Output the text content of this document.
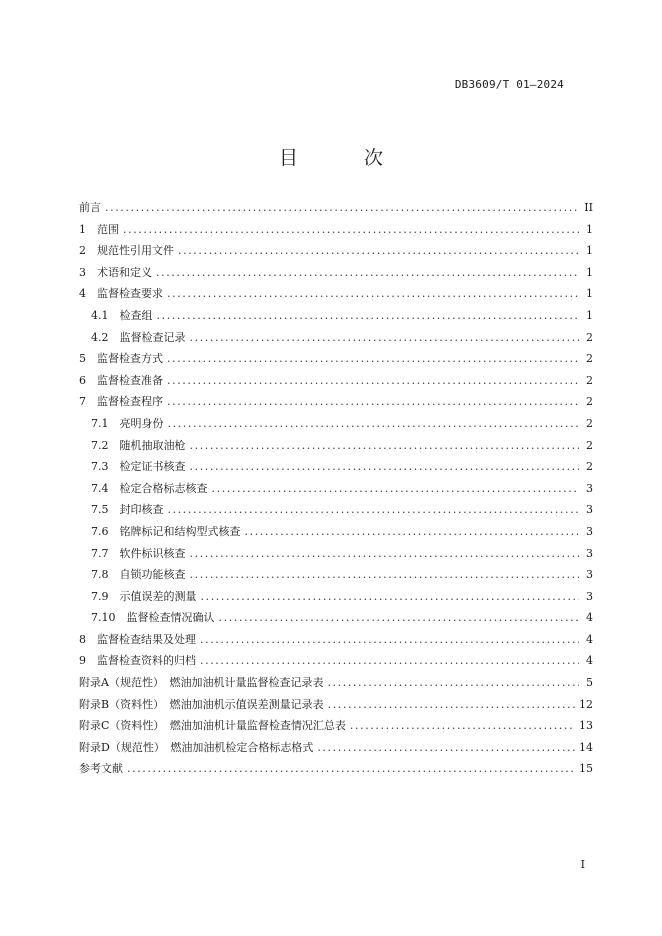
DB3609/T 01—2024
目 次
前言 .....	II
1　范围 .....	1
2　规范性引用文件 .....	1
3　术语和定义 .....	1
4　监督检查要求 .....	1
4.1　检查组 .....	1
4.2　监督检查记录 .....	2
5　监督检查方式 .....	2
6　监督检查准备 .....	2
7　监督检查程序 .....	2
7.1　亮明身份 .....	2
7.2　随机抽取油枪 .....	2
7.3　检定证书核查 .....	2
7.4　检定合格标志核查 .....	3
7.5　封印核查 .....	3
7.6　铭牌标记和结构型式核查 .....	3
7.7　软件标识核查 .....	3
7.8　自锁功能核查 .....	3
7.9　示值误差的测量 .....	3
7.10　监督检查情况确认 .....	4
8　监督检查结果及处理 .....	4
9　监督检查资料的归档 .....	4
附录A（规范性）　燃油加油机计量监督检查记录表 .....	5
附录B（资料性）　燃油加油机示值误差测量记录表 .....	12
附录C（资料性）　燃油加油机计量监督检查情况汇总表 .....	13
附录D（规范性）　燃油加油机检定合格标志格式 .....	14
参考文献 .....	15
I
